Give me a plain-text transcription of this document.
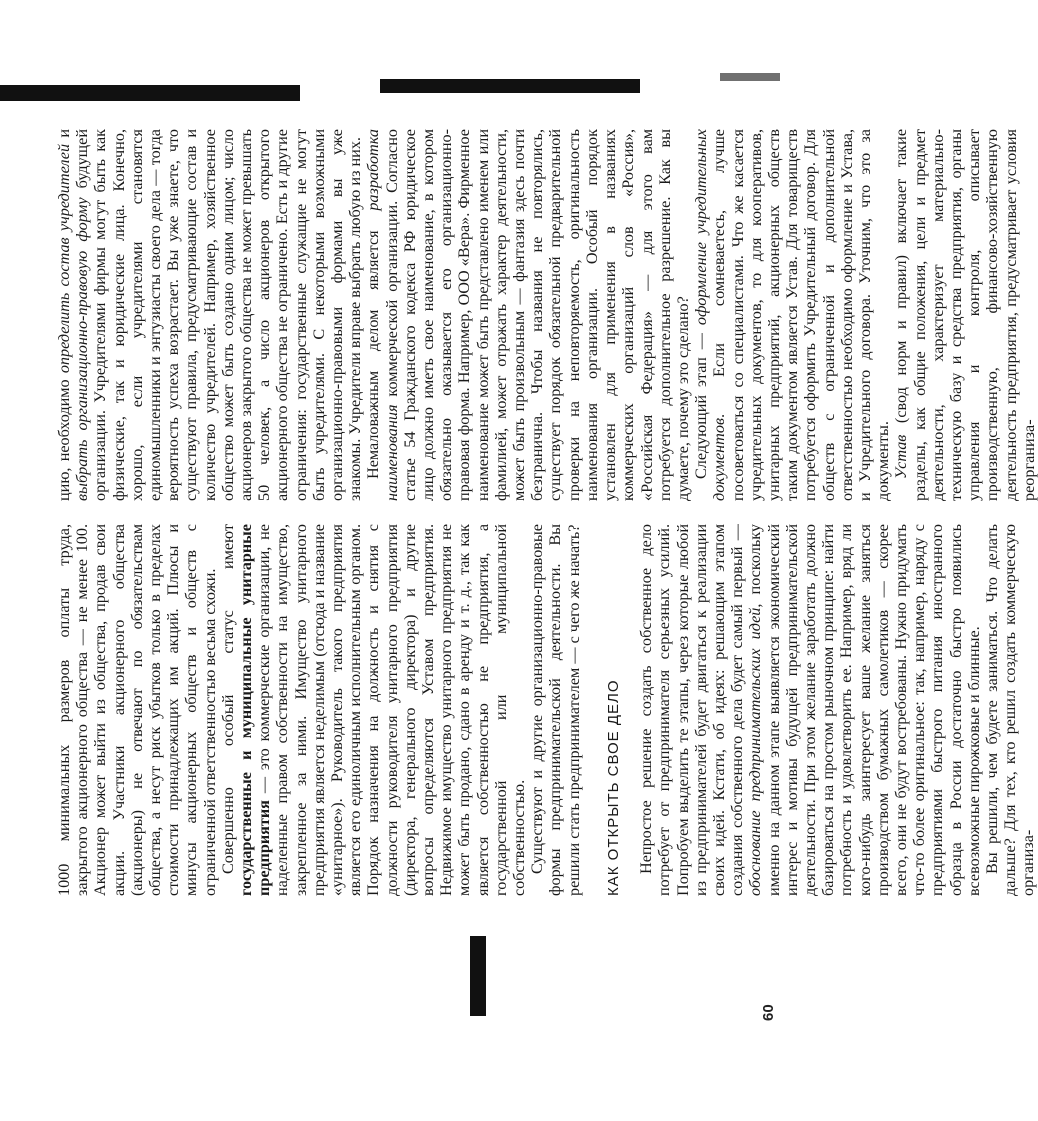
60

1000 минимальных размеров оплаты труда, закрытого акционерного общества — не менее 100. Акционер может выйти из общества, продав свои акции. Участники акционерного общества (акционеры) не отвечают по обязательствам общества, а несут риск убытков только в пределах стоимости принадлежащих им акций. Плюсы и минусы акционерных обществ и обществ с ограниченной ответственностью весьма схожи. Совершенно особый статус имеют государственные и муниципальные унитарные предприятия — это коммерческие организации, не наделенные правом собственности на имущество, закрепленное за ними. Имущество унитарного предприятия является неделимым (отсюда и название «унитарное»). Руководитель такого предприятия является его единоличным исполнительным органом. Порядок назначения на должность и снятия с должности руководителя унитарного предприятия (директора, генерального директора) и другие вопросы определяются Уставом предприятия. Недвижимое имущество унитарного предприятия не может быть продано, сдано в аренду и т. д., так как является собственностью не предприятия, а государственной или муниципальной собственностью. Существуют и другие организационно-правовые формы предпринимательской деятельности. Вы решили стать предпринимателем — с чего же начать? КАК ОТКРЫТЬ СВОЕ ДЕЛО Непростое решение создать собственное дело потребует от предпринимателя серьезных усилий. Попробуем выделить те этапы, через которые любой из предпринимателей будет двигаться к реализации своих идей. Кстати, об идеях: решающим этапом создания собственного дела будет самый первый — обоснование предпринимательских идей, поскольку именно на данном этапе выявляется экономический интерес и мотивы будущей предпринимательской деятельности. При этом желание заработать должно базироваться на простом рыночном принципе: найти потребность и удовлетворить ее. Например, вряд ли кого-нибудь заинтересует ваше желание заняться производством бумажных самолетиков — скорее всего, они не будут востребованы. Нужно придумать что-то более оригинальное: так, например, наряду с предприятиями быстрого питания иностранного образца в России достаточно быстро появились всевозможные пирожковые и блинные. Вы решили, чем будете заниматься. Что делать дальше? Для тех, кто решил создать коммерческую организа-

цию, необходимо определить состав учредителей и выбрать организационно-правовую форму будущей организации. Учредителями фирмы могут быть как физические, так и юридические лица. Конечно, хорошо, если учредителями становятся единомышленники и энтузиасты своего дела — тогда вероятность успеха возрастает. Вы уже знаете, что существуют правила, предусматривающие состав и количество учредителей. Например, хозяйственное общество может быть создано одним лицом; число акционеров закрытого общества не может превышать 50 человек, а число акционеров открытого акционерного общества не ограничено. Есть и другие ограничения: государственные служащие не могут быть учредителями. С некоторыми возможными организационно-правовыми формами вы уже знакомы. Учредители вправе выбрать любую из них. Немаловажным делом является разработка наименования коммерческой организации. Согласно статье 54 Гражданского кодекса РФ юридическое лицо должно иметь свое наименование, в котором обязательно оказывается его организационно-правовая форма. Например, ООО «Вера». Фирменное наименование может быть представлено именем или фамилией, может отражать характер деятельности, может быть произвольным — фантазия здесь почти безгранична. Чтобы названия не повторялись, существует порядок обязательной предварительной проверки на неповторяемость, оригинальность наименования организации. Особый порядок установлен для применения в названиях коммерческих организаций слов «Россия», «Российская Федерация» — для этого вам потребуется дополнительное разрешение. Как вы думаете, почему это сделано? Следующий этап — оформление учредительных документов. Если сомневаетесь, лучше посоветоваться со специалистами. Что же касается учредительных документов, то для кооперативов, унитарных предприятий, акционерных обществ таким документом является Устав. Для товариществ потребуется оформить Учредительный договор. Для обществ с ограниченной и дополнительной ответственностью необходимо оформление и Устава, и Учредительного договора. Уточним, что это за документы. Устав (свод норм и правил) включает такие разделы, как общие положения, цели и предмет деятельности, характеризует материально-техническую базу и средства предприятия, органы управления и контроля, описывает производственную, финансово-хозяйственную деятельность предприятия, предусматривает условия реорганиза-
